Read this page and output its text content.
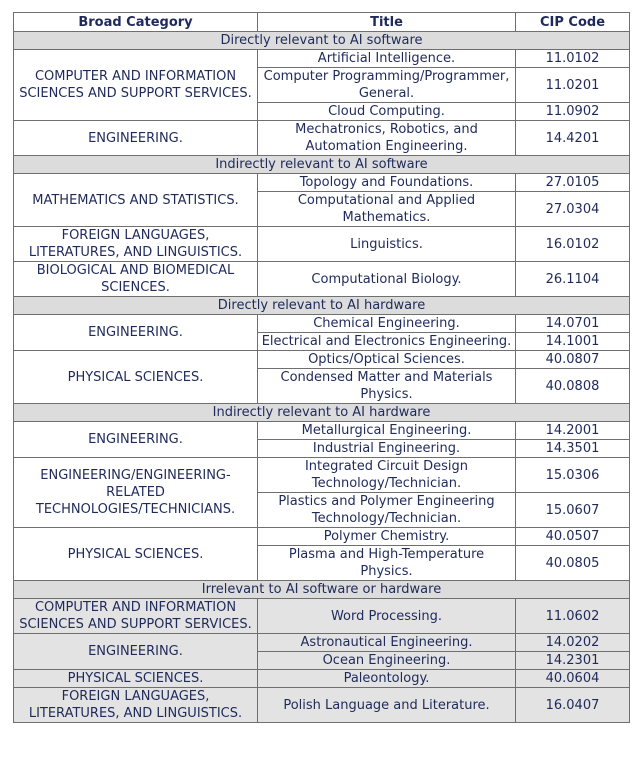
Broad Category	Title	CIP Code
Directly relevant to AI software		
COMPUTER AND INFORMATION SCIENCES AND SUPPORT SERVICES.	Artificial Intelligence.	11.0102
	Computer Programming/Programmer, General.	11.0201
	Cloud Computing.	11.0902
ENGINEERING.	Mechatronics, Robotics, and Automation Engineering.	14.4201
Indirectly relevant to AI software		
MATHEMATICS AND STATISTICS.	Topology and Foundations.	27.0105
	Computational and Applied Mathematics.	27.0304
FOREIGN LANGUAGES, LITERATURES, AND LINGUISTICS.	Linguistics.	16.0102
BIOLOGICAL AND BIOMEDICAL SCIENCES.	Computational Biology.	26.1104
Directly relevant to AI hardware		
ENGINEERING.	Chemical Engineering.	14.0701
	Electrical and Electronics Engineering.	14.1001
PHYSICAL SCIENCES.	Optics/Optical Sciences.	40.0807
	Condensed Matter and Materials Physics.	40.0808
Indirectly relevant to AI hardware		
ENGINEERING.	Metallurgical Engineering.	14.2001
	Industrial Engineering.	14.3501
ENGINEERING/ENGINEERING-RELATED TECHNOLOGIES/TECHNICIANS.	Integrated Circuit Design Technology/Technician.	15.0306
	Plastics and Polymer Engineering Technology/Technician.	15.0607
PHYSICAL SCIENCES.	Polymer Chemistry.	40.0507
	Plasma and High-Temperature Physics.	40.0805
Irrelevant to AI software or hardware		
COMPUTER AND INFORMATION SCIENCES AND SUPPORT SERVICES.	Word Processing.	11.0602
ENGINEERING.	Astronautical Engineering.	14.0202
	Ocean Engineering.	14.2301
PHYSICAL SCIENCES.	Paleontology.	40.0604
FOREIGN LANGUAGES, LITERATURES, AND LINGUISTICS.	Polish Language and Literature.	16.0407
